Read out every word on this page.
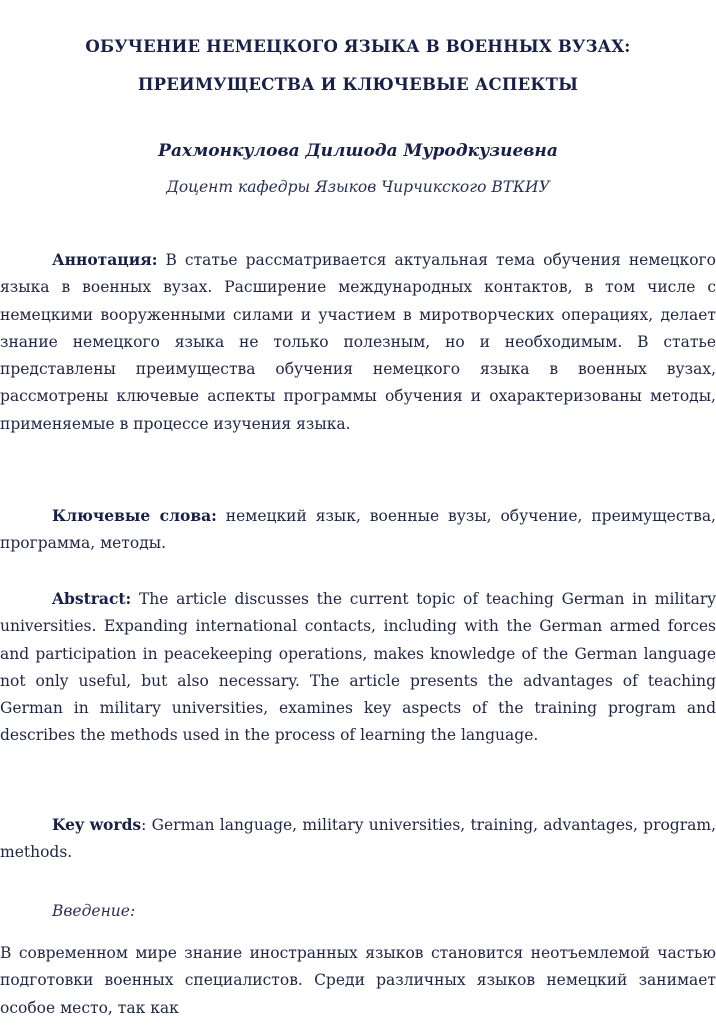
ОБУЧЕНИЕ НЕМЕЦКОГО ЯЗЫКА В ВОЕННЫХ ВУЗАХ:
ПРЕИМУЩЕСТВА И КЛЮЧЕВЫЕ АСПЕКТЫ
Рахмонкулова Дилшода Муродкузиевна
Доцент кафедры Языков Чирчикского ВТКИУ

Аннотация: В статье рассматривается актуальная тема обучения немецкого языка в военных вузах. Расширение международных контактов, в том числе с немецкими вооруженными силами и участием в миротворческих операциях, делает знание немецкого языка не только полезным, но и необходимым. В статье представлены преимущества обучения немецкого языка в военных вузах, рассмотрены ключевые аспекты программы обучения и охарактеризованы методы, применяемые в процессе изучения языка.

Ключевые слова: немецкий язык, военные вузы, обучение, преимущества, программа, методы.

Abstract: The article discusses the current topic of teaching German in military universities. Expanding international contacts, including with the German armed forces and participation in peacekeeping operations, makes knowledge of the German language not only useful, but also necessary. The article presents the advantages of teaching German in military universities, examines key aspects of the training program and describes the methods used in the process of learning the language.

Key words: German language, military universities, training, advantages, program, methods.

Введение:

В современном мире знание иностранных языков становится неотъемлемой частью подготовки военных специалистов. Среди различных языков немецкий занимает особое место, так как
